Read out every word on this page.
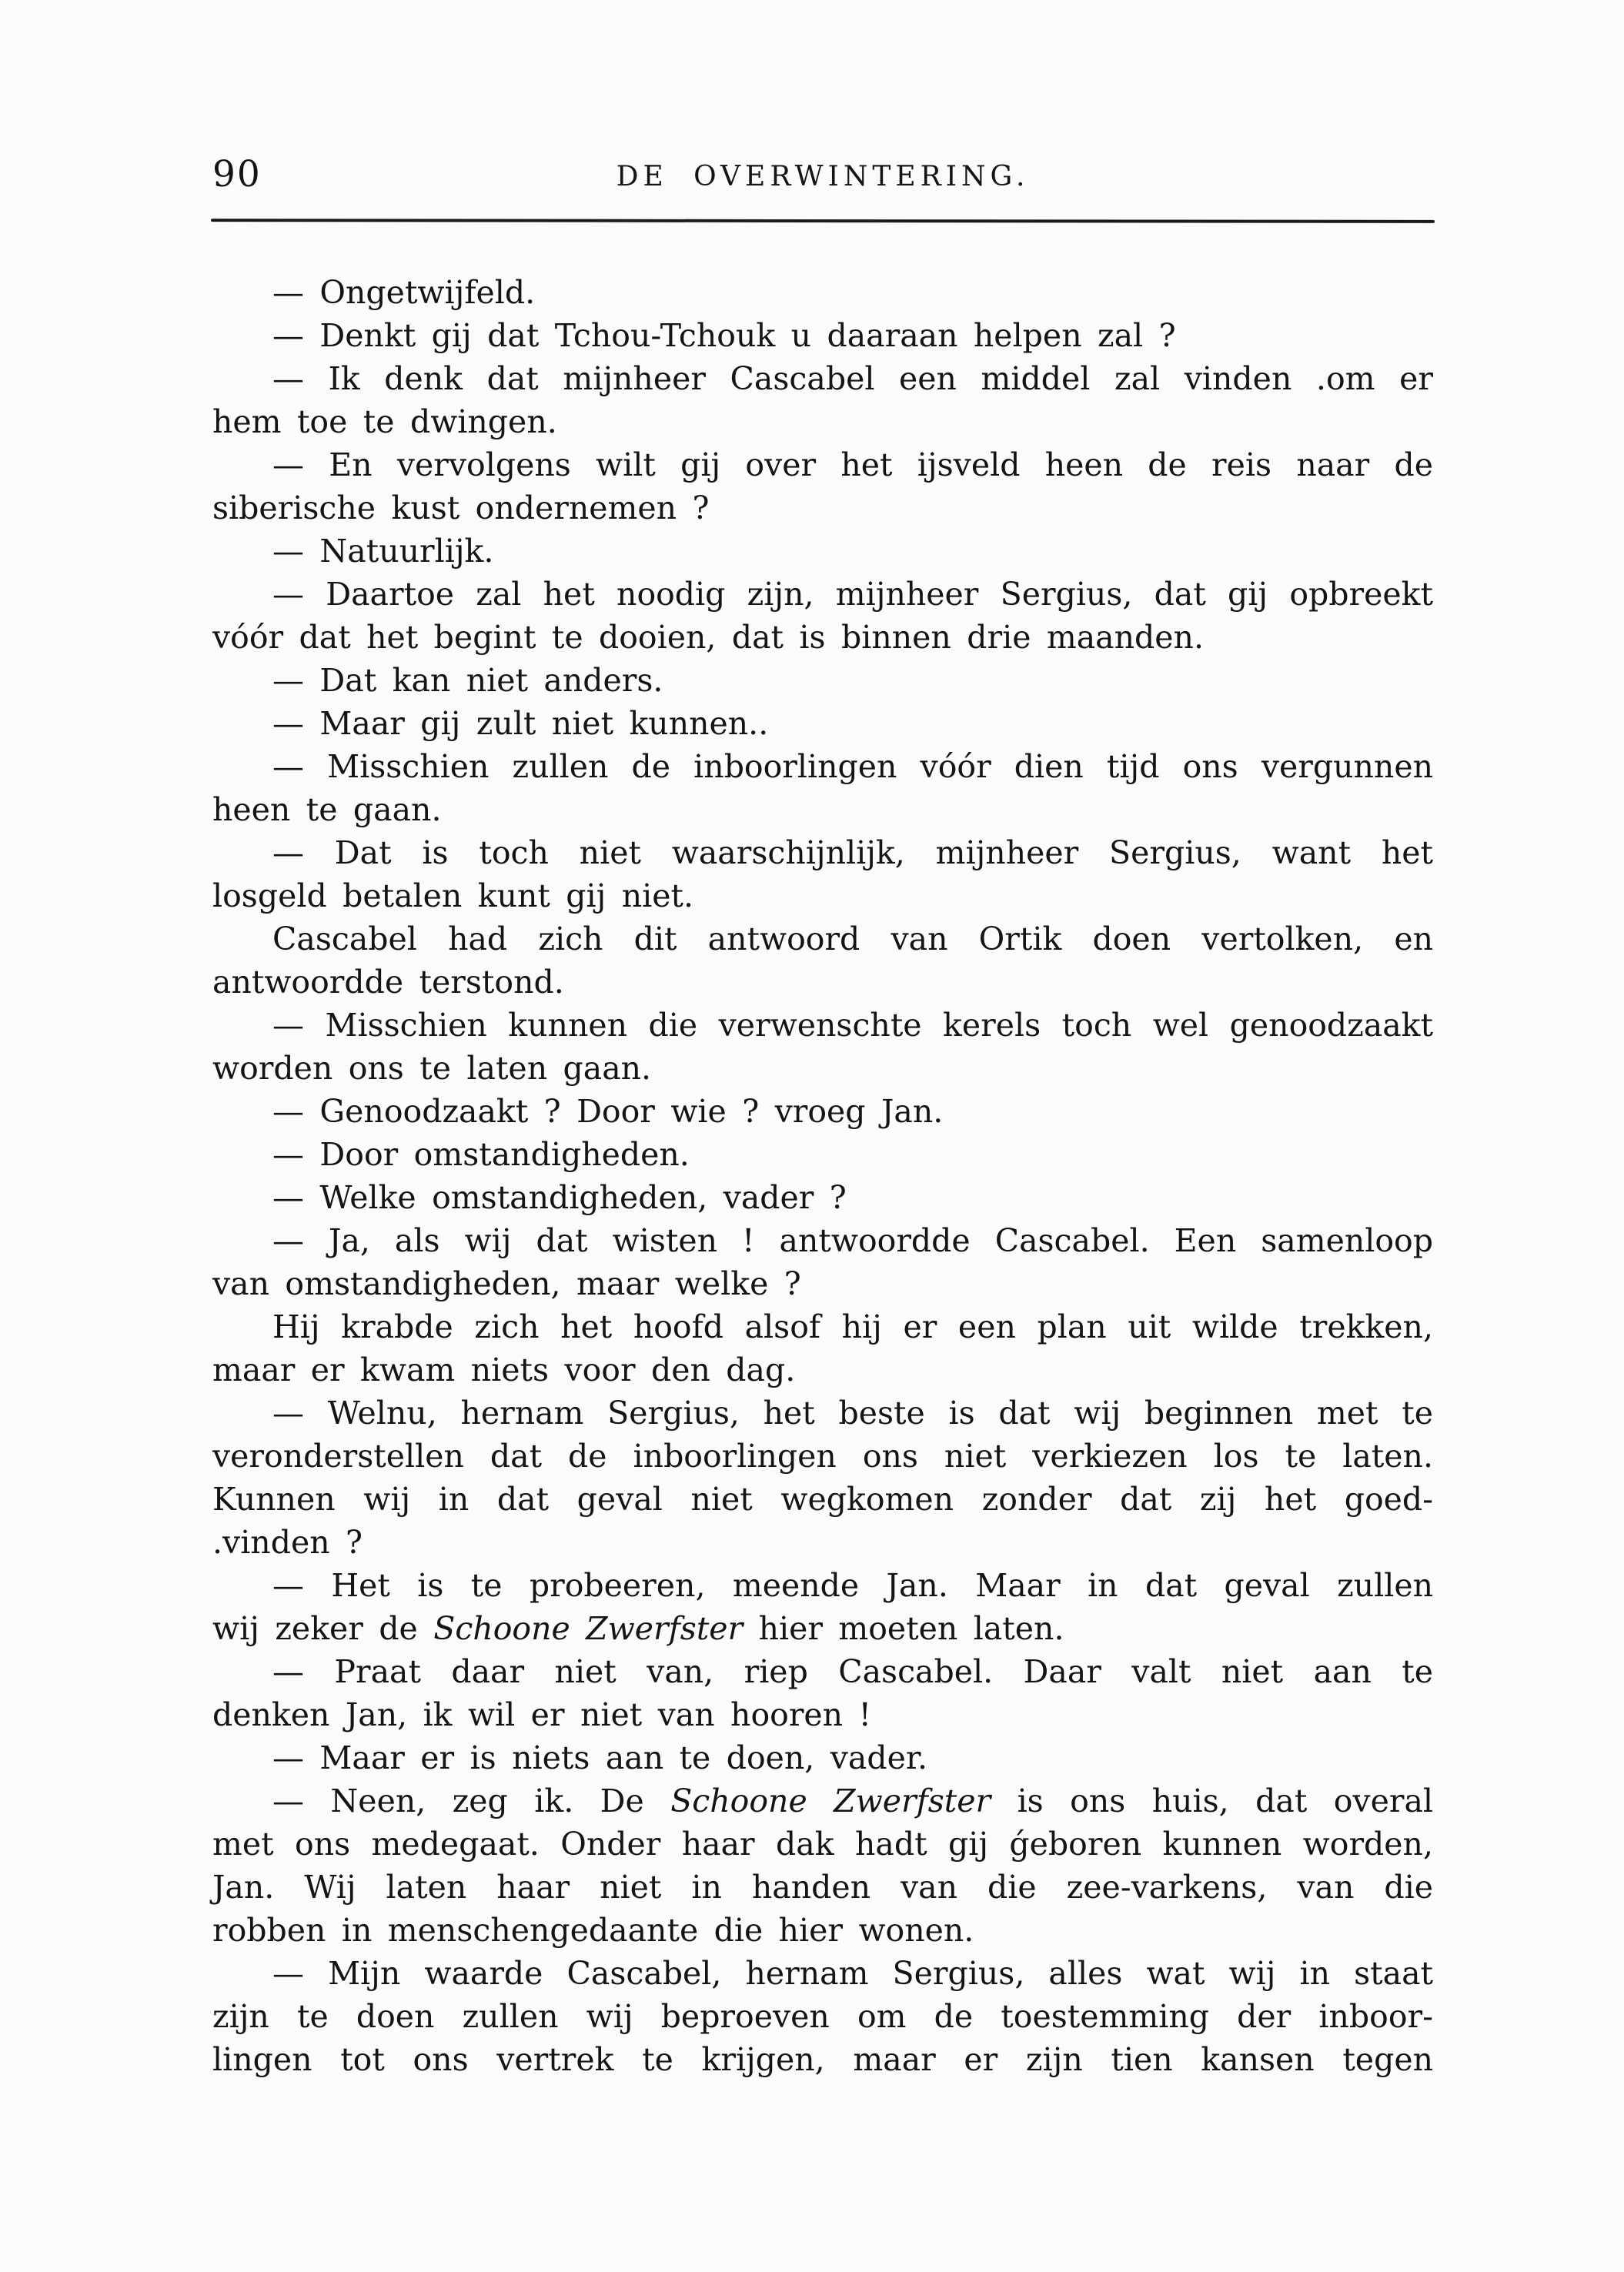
90	DE OVERWINTERING.
— Ongetwijfeld.
— Denkt gij dat Tchou-Tchouk u daaraan helpen zal ?
— Ik denk dat mijnheer Cascabel een middel zal vinden .om er
hem toe te dwingen.
— En vervolgens wilt gij over het ijsveld heen de reis naar de
siberische kust ondernemen ?
— Natuurlijk.
— Daartoe zal het noodig zijn, mijnheer Sergius, dat gij opbreekt
vóór dat het begint te dooien, dat is binnen drie maanden.
— Dat kan niet anders.
— Maar gij zult niet kunnen..
— Misschien zullen de inboorlingen vóór dien tijd ons vergunnen
heen te gaan.
— Dat is toch niet waarschijnlijk, mijnheer Sergius, want het
losgeld betalen kunt gij niet.
Cascabel had zich dit antwoord van Ortik doen vertolken, en
antwoordde terstond.
— Misschien kunnen die verwenschte kerels toch wel genoodzaakt
worden ons te laten gaan.
— Genoodzaakt ? Door wie ? vroeg Jan.
— Door omstandigheden.
— Welke omstandigheden, vader ?
— Ja, als wij dat wisten ! antwoordde Cascabel. Een samenloop
van omstandigheden, maar welke ?
Hij krabde zich het hoofd alsof hij er een plan uit wilde trekken,
maar er kwam niets voor den dag.
— Welnu, hernam Sergius, het beste is dat wij beginnen met te
veronderstellen dat de inboorlingen ons niet verkiezen los te laten.
Kunnen wij in dat geval niet wegkomen zonder dat zij het goed-
.vinden ?
— Het is te probeeren, meende Jan. Maar in dat geval zullen
wij zeker de Schoone Zwerfster hier moeten laten.
— Praat daar niet van, riep Cascabel. Daar valt niet aan te
denken Jan, ik wil er niet van hooren !
— Maar er is niets aan te doen, vader.
— Neen, zeg ik. De Schoone Zwerfster is ons huis, dat overal
met ons medegaat. Onder haar dak hadt gij ǵeboren kunnen worden,
Jan. Wij laten haar niet in handen van die zee-varkens, van die
robben in menschengedaante die hier wonen.
— Mijn waarde Cascabel, hernam Sergius, alles wat wij in staat
zijn te doen zullen wij beproeven om de toestemming der inboor-
lingen tot ons vertrek te krijgen, maar er zijn tien kansen tegen
